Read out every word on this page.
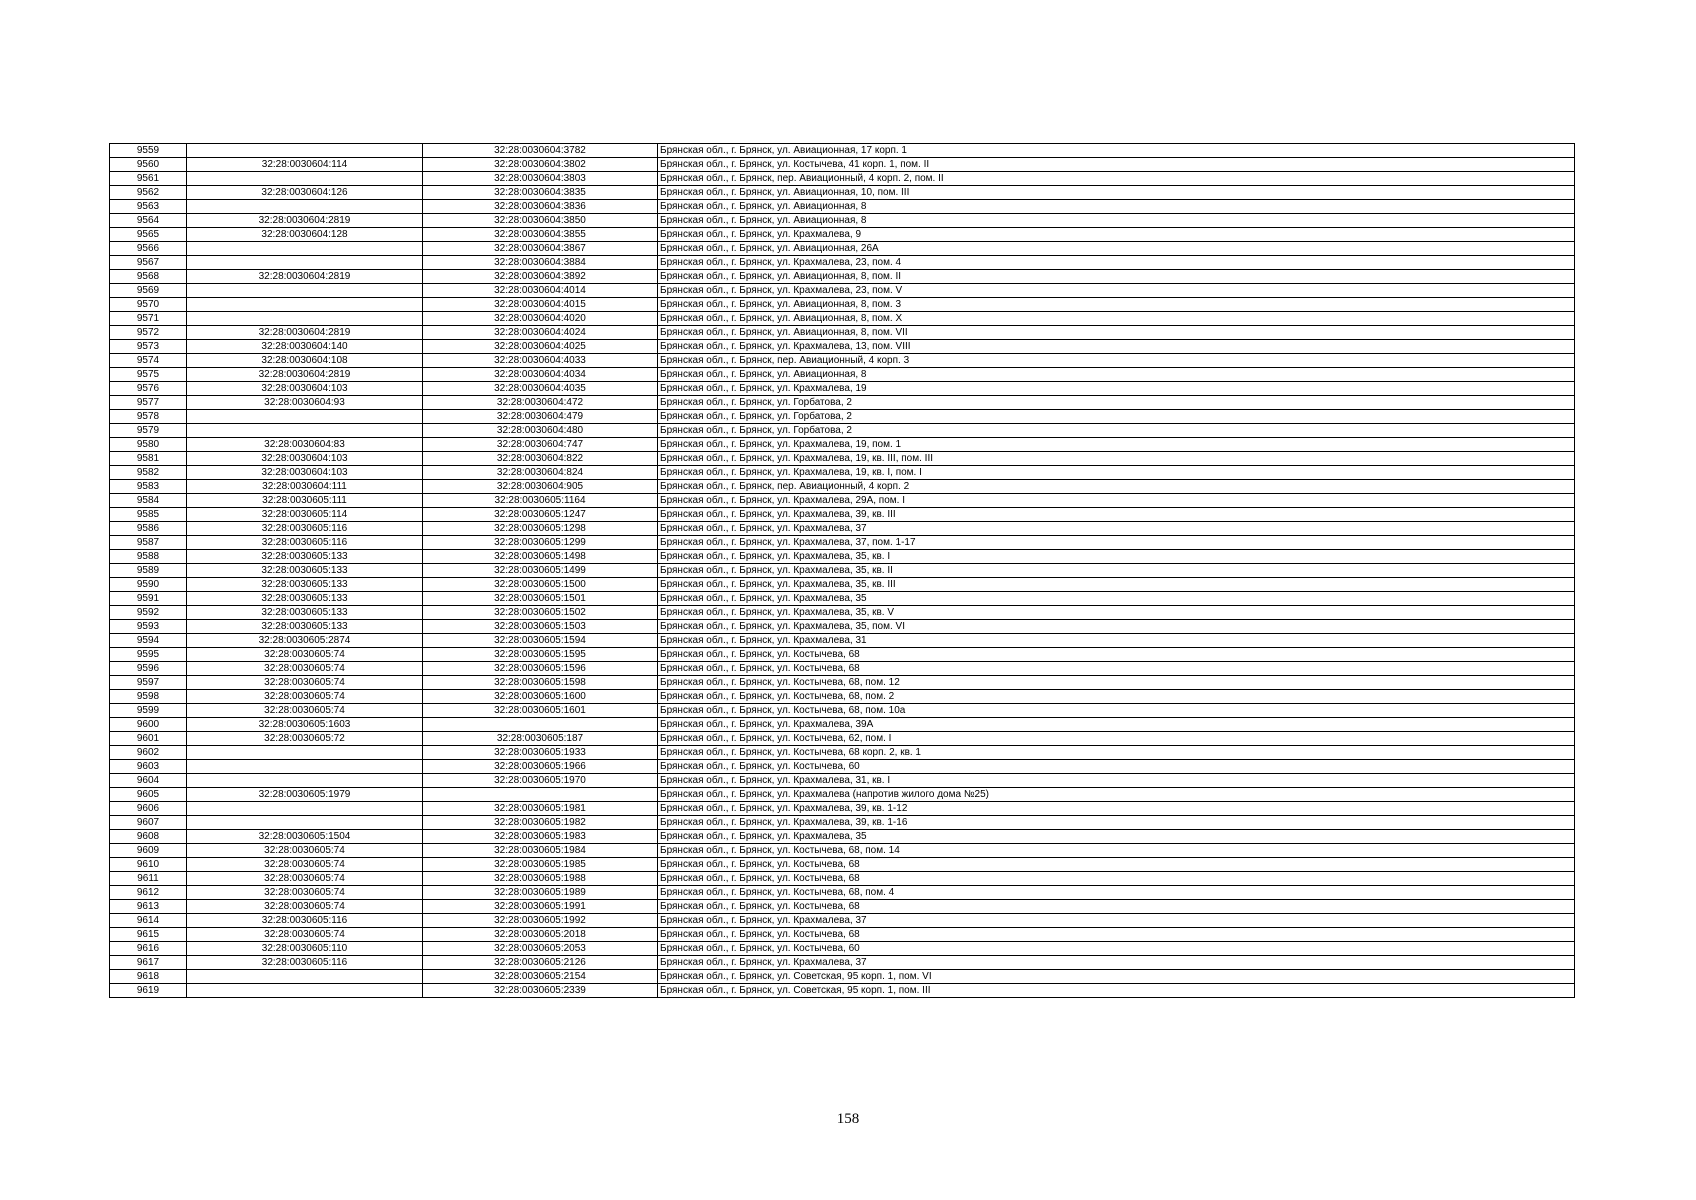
9559		32:28:0030604:3782	Брянская обл., г. Брянск, ул. Авиационная, 17 корп. 1
9560	32:28:0030604:114	32:28:0030604:3802	Брянская обл., г. Брянск, ул. Костычева, 41 корп. 1, пом. II
9561		32:28:0030604:3803	Брянская обл., г. Брянск, пер. Авиационный, 4 корп. 2, пом. II
9562	32:28:0030604:126	32:28:0030604:3835	Брянская обл., г. Брянск, ул. Авиационная, 10, пом. III
9563		32:28:0030604:3836	Брянская обл., г. Брянск, ул. Авиационная, 8
9564	32:28:0030604:2819	32:28:0030604:3850	Брянская обл., г. Брянск, ул. Авиационная, 8
9565	32:28:0030604:128	32:28:0030604:3855	Брянская обл., г. Брянск, ул. Крахмалева, 9
9566		32:28:0030604:3867	Брянская обл., г. Брянск, ул. Авиационная, 26А
9567		32:28:0030604:3884	Брянская обл., г. Брянск, ул. Крахмалева, 23, пом. 4
9568	32:28:0030604:2819	32:28:0030604:3892	Брянская обл., г. Брянск, ул. Авиационная, 8, пом. II
9569		32:28:0030604:4014	Брянская обл., г. Брянск, ул. Крахмалева, 23, пом. V
9570		32:28:0030604:4015	Брянская обл., г. Брянск, ул. Авиационная, 8, пом. 3
9571		32:28:0030604:4020	Брянская обл., г. Брянск, ул. Авиационная, 8, пом. X
9572	32:28:0030604:2819	32:28:0030604:4024	Брянская обл., г. Брянск, ул. Авиационная, 8, пом. VII
9573	32:28:0030604:140	32:28:0030604:4025	Брянская обл., г. Брянск, ул. Крахмалева, 13, пом. VIII
9574	32:28:0030604:108	32:28:0030604:4033	Брянская обл., г. Брянск, пер. Авиационный, 4 корп. 3
9575	32:28:0030604:2819	32:28:0030604:4034	Брянская обл., г. Брянск, ул. Авиационная, 8
9576	32:28:0030604:103	32:28:0030604:4035	Брянская обл., г. Брянск, ул. Крахмалева, 19
9577	32:28:0030604:93	32:28:0030604:472	Брянская обл., г. Брянск, ул. Горбатова, 2
9578		32:28:0030604:479	Брянская обл., г. Брянск, ул. Горбатова, 2
9579		32:28:0030604:480	Брянская обл., г. Брянск, ул. Горбатова, 2
9580	32:28:0030604:83	32:28:0030604:747	Брянская обл., г. Брянск, ул. Крахмалева, 19, пом. 1
9581	32:28:0030604:103	32:28:0030604:822	Брянская обл., г. Брянск, ул. Крахмалева, 19, кв. III, пом. III
9582	32:28:0030604:103	32:28:0030604:824	Брянская обл., г. Брянск, ул. Крахмалева, 19, кв. I, пом. I
9583	32:28:0030604:111	32:28:0030604:905	Брянская обл., г. Брянск, пер. Авиационный, 4 корп. 2
9584	32:28:0030605:111	32:28:0030605:1164	Брянская обл., г. Брянск, ул. Крахмалева, 29А, пом. I
9585	32:28:0030605:114	32:28:0030605:1247	Брянская обл., г. Брянск, ул. Крахмалева, 39, кв. III
9586	32:28:0030605:116	32:28:0030605:1298	Брянская обл., г. Брянск, ул. Крахмалева, 37
9587	32:28:0030605:116	32:28:0030605:1299	Брянская обл., г. Брянск, ул. Крахмалева, 37, пом. 1-17
9588	32:28:0030605:133	32:28:0030605:1498	Брянская обл., г. Брянск, ул. Крахмалева, 35, кв. I
9589	32:28:0030605:133	32:28:0030605:1499	Брянская обл., г. Брянск, ул. Крахмалева, 35, кв. II
9590	32:28:0030605:133	32:28:0030605:1500	Брянская обл., г. Брянск, ул. Крахмалева, 35, кв. III
9591	32:28:0030605:133	32:28:0030605:1501	Брянская обл., г. Брянск, ул. Крахмалева, 35
9592	32:28:0030605:133	32:28:0030605:1502	Брянская обл., г. Брянск, ул. Крахмалева, 35, кв. V
9593	32:28:0030605:133	32:28:0030605:1503	Брянская обл., г. Брянск, ул. Крахмалева, 35, пом. VI
9594	32:28:0030605:2874	32:28:0030605:1594	Брянская обл., г. Брянск, ул. Крахмалева, 31
9595	32:28:0030605:74	32:28:0030605:1595	Брянская обл., г. Брянск, ул. Костычева, 68
9596	32:28:0030605:74	32:28:0030605:1596	Брянская обл., г. Брянск, ул. Костычева, 68
9597	32:28:0030605:74	32:28:0030605:1598	Брянская обл., г. Брянск, ул. Костычева, 68, пом. 12
9598	32:28:0030605:74	32:28:0030605:1600	Брянская обл., г. Брянск, ул. Костычева, 68, пом. 2
9599	32:28:0030605:74	32:28:0030605:1601	Брянская обл., г. Брянск, ул. Костычева, 68, пом. 10а
9600	32:28:0030605:1603		Брянская обл., г. Брянск, ул. Крахмалева, 39А
9601	32:28:0030605:72	32:28:0030605:187	Брянская обл., г. Брянск, ул. Костычева, 62, пом. I
9602		32:28:0030605:1933	Брянская обл., г. Брянск, ул. Костычева, 68 корп. 2, кв. 1
9603		32:28:0030605:1966	Брянская обл., г. Брянск, ул. Костычева, 60
9604		32:28:0030605:1970	Брянская обл., г. Брянск, ул. Крахмалева, 31, кв. I
9605	32:28:0030605:1979		Брянская обл., г. Брянск, ул. Крахмалева (напротив жилого дома №25)
9606		32:28:0030605:1981	Брянская обл., г. Брянск, ул. Крахмалева, 39, кв. 1-12
9607		32:28:0030605:1982	Брянская обл., г. Брянск, ул. Крахмалева, 39, кв. 1-16
9608	32:28:0030605:1504	32:28:0030605:1983	Брянская обл., г. Брянск, ул. Крахмалева, 35
9609	32:28:0030605:74	32:28:0030605:1984	Брянская обл., г. Брянск, ул. Костычева, 68, пом. 14
9610	32:28:0030605:74	32:28:0030605:1985	Брянская обл., г. Брянск, ул. Костычева, 68
9611	32:28:0030605:74	32:28:0030605:1988	Брянская обл., г. Брянск, ул. Костычева, 68
9612	32:28:0030605:74	32:28:0030605:1989	Брянская обл., г. Брянск, ул. Костычева, 68, пом. 4
9613	32:28:0030605:74	32:28:0030605:1991	Брянская обл., г. Брянск, ул. Костычева, 68
9614	32:28:0030605:116	32:28:0030605:1992	Брянская обл., г. Брянск, ул. Крахмалева, 37
9615	32:28:0030605:74	32:28:0030605:2018	Брянская обл., г. Брянск, ул. Костычева, 68
9616	32:28:0030605:110	32:28:0030605:2053	Брянская обл., г. Брянск, ул. Костычева, 60
9617	32:28:0030605:116	32:28:0030605:2126	Брянская обл., г. Брянск, ул. Крахмалева, 37
9618		32:28:0030605:2154	Брянская обл., г. Брянск, ул. Советская, 95 корп. 1, пом. VI
9619		32:28:0030605:2339	Брянская обл., г. Брянск, ул. Советская, 95 корп. 1, пом. III
158
